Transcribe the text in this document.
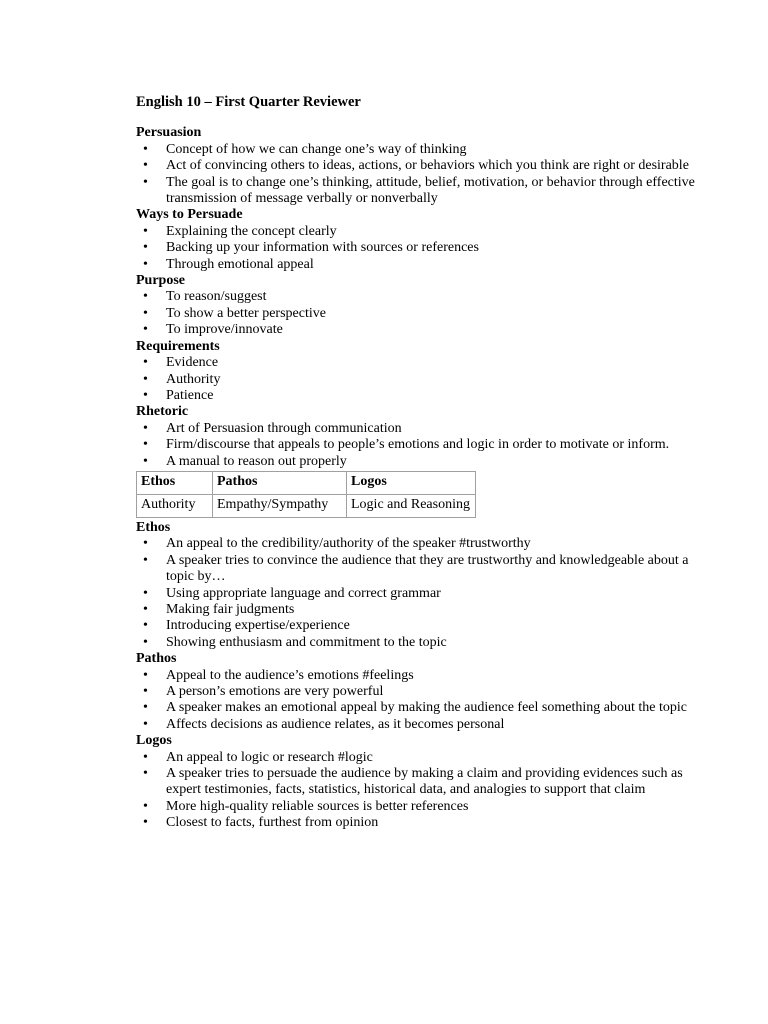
English 10 – First Quarter Reviewer
Persuasion
• Concept of how we can change one’s way of thinking
• Act of convincing others to ideas, actions, or behaviors which you think are right or desirable
• The goal is to change one’s thinking, attitude, belief, motivation, or behavior through effective transmission of message verbally or nonverbally
Ways to Persuade
• Explaining the concept clearly
• Backing up your information with sources or references
• Through emotional appeal
Purpose
• To reason/suggest
• To show a better perspective
• To improve/innovate
Requirements
• Evidence
• Authority
• Patience
Rhetoric
• Art of Persuasion through communication
• Firm/discourse that appeals to people’s emotions and logic in order to motivate or inform.
• A manual to reason out properly
Ethos	Pathos	Logos
Authority	Empathy/Sympathy	Logic and Reasoning
Ethos
• An appeal to the credibility/authority of the speaker #trustworthy
• A speaker tries to convince the audience that they are trustworthy and knowledgeable about a topic by…
• Using appropriate language and correct grammar
• Making fair judgments
• Introducing expertise/experience
• Showing enthusiasm and commitment to the topic
Pathos
• Appeal to the audience’s emotions #feelings
• A person’s emotions are very powerful
• A speaker makes an emotional appeal by making the audience feel something about the topic
• Affects decisions as audience relates, as it becomes personal
Logos
• An appeal to logic or research #logic
• A speaker tries to persuade the audience by making a claim and providing evidences such as expert testimonies, facts, statistics, historical data, and analogies to support that claim
• More high-quality reliable sources is better references
• Closest to facts, furthest from opinion
